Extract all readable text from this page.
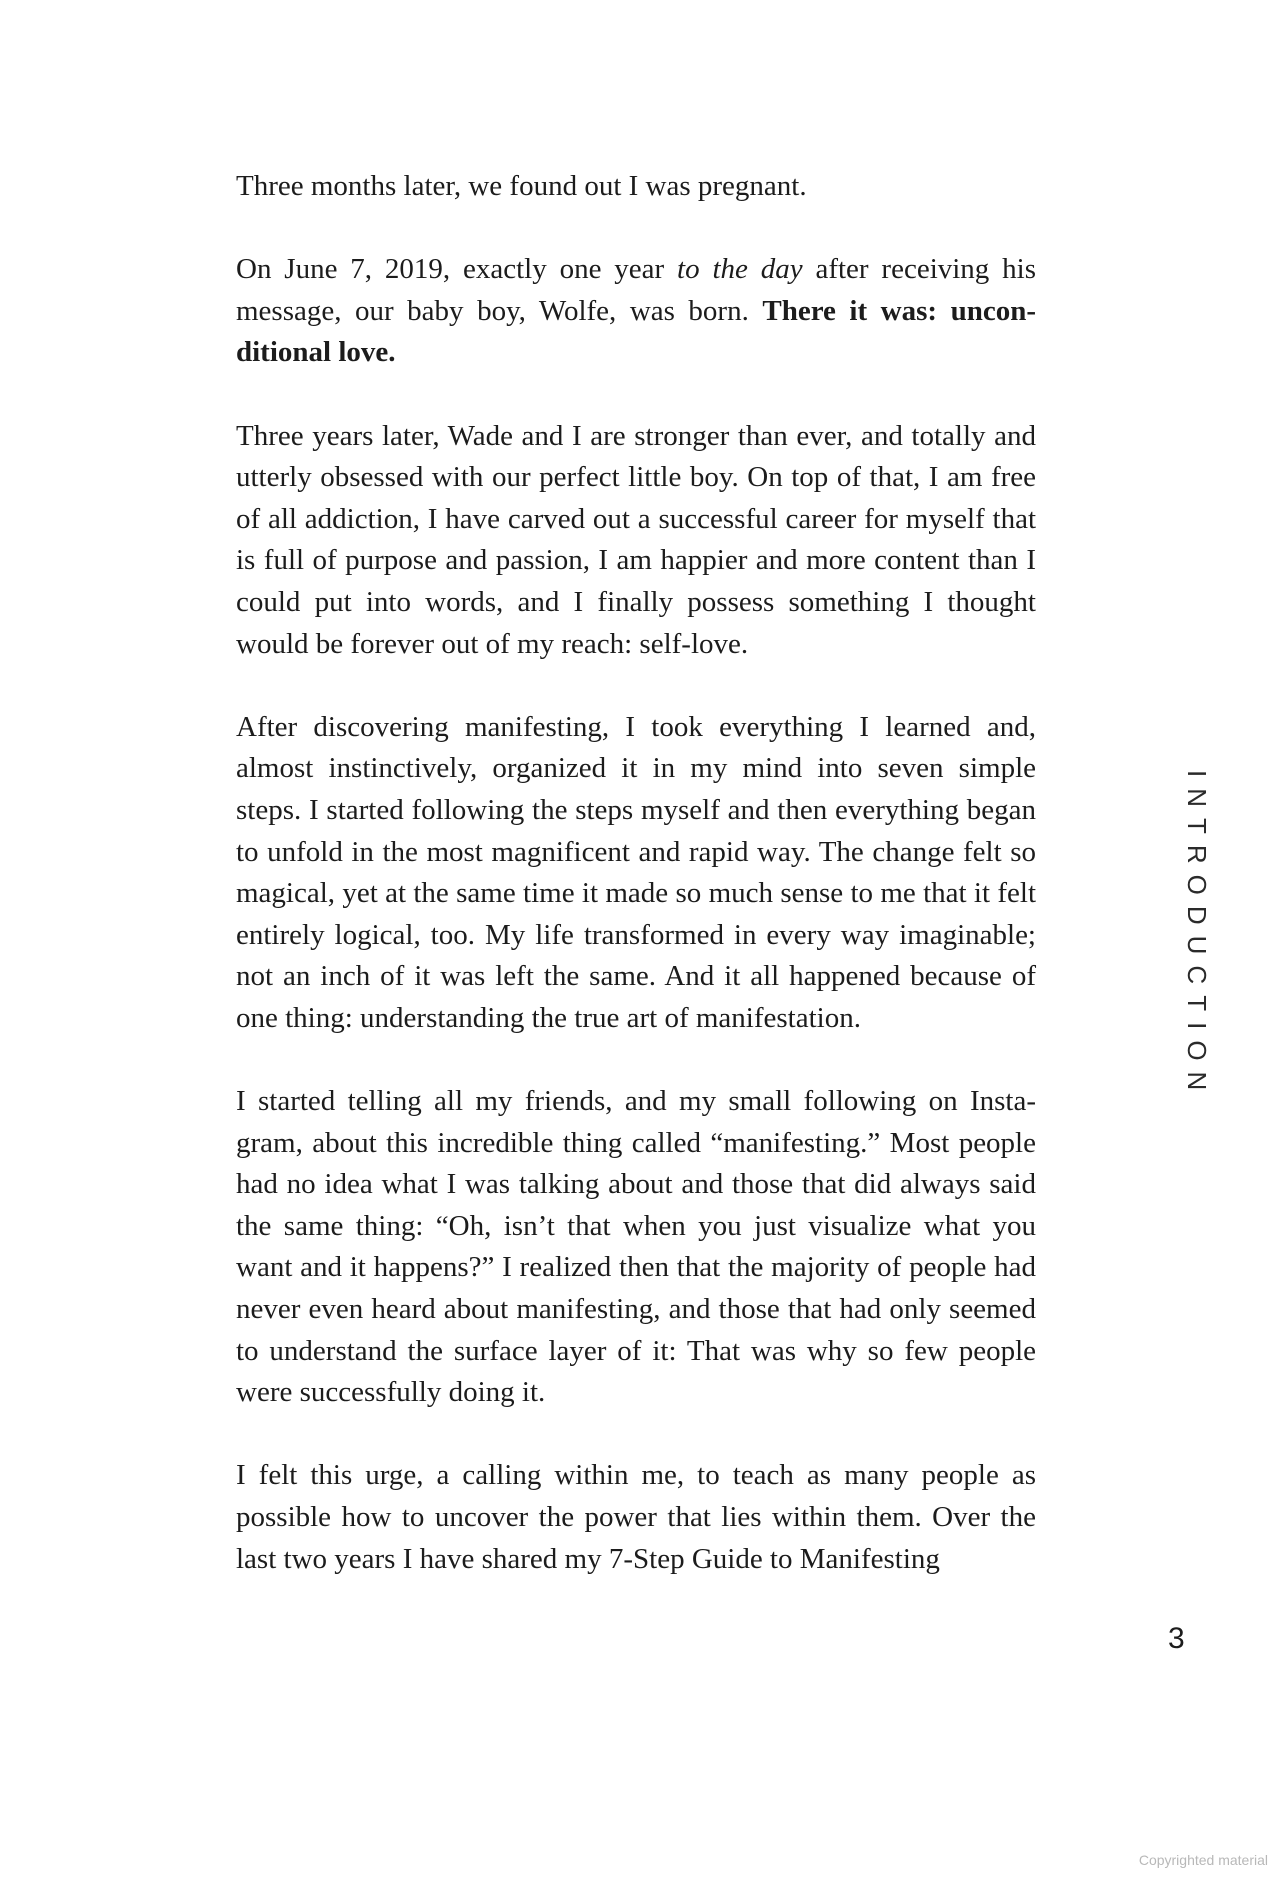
Three months later, we found out I was pregnant.

On June 7, 2019, exactly one year to the day after receiving his message, our baby boy, Wolfe, was born. There it was: unconditional love.

Three years later, Wade and I are stronger than ever, and totally and utterly obsessed with our perfect little boy. On top of that, I am free of all addiction, I have carved out a successful career for myself that is full of purpose and passion, I am happier and more content than I could put into words, and I finally possess something I thought would be forever out of my reach: self-love.

After discovering manifesting, I took everything I learned and, almost instinctively, organized it in my mind into seven simple steps. I started following the steps myself and then everything began to unfold in the most magnificent and rapid way. The change felt so magical, yet at the same time it made so much sense to me that it felt entirely logical, too. My life transformed in every way imaginable; not an inch of it was left the same. And it all happened because of one thing: understanding the true art of manifestation.

I started telling all my friends, and my small following on Instagram, about this incredible thing called “manifesting.” Most people had no idea what I was talking about and those that did always said the same thing: “Oh, isn’t that when you just visualize what you want and it happens?” I realized then that the majority of people had never even heard about manifesting, and those that had only seemed to understand the surface layer of it: That was why so few people were successfully doing it.

I felt this urge, a calling within me, to teach as many people as possible how to uncover the power that lies within them. Over the last two years I have shared my 7-Step Guide to Manifesting

INTRODUCTION
3
Copyrighted material
